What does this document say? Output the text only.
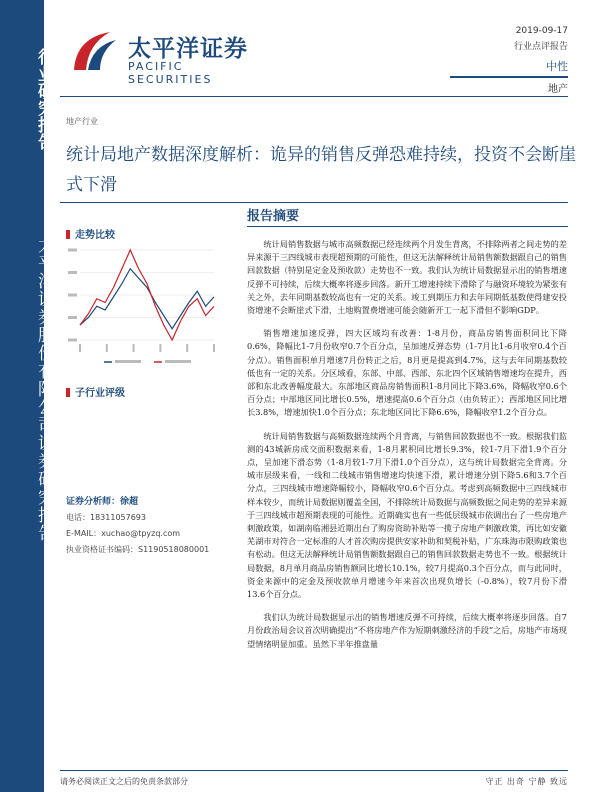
行业研究报告
太平洋证券股份有限公司证券研究报告
太平洋证券
PACIFIC SECURITIES
2019-09-17
行业点评报告
中性
地产
地产行业
统计局地产数据深度解析：诡异的销售反弹恐难持续，投资不会断崖式下滑
走势比较
子行业评级
证券分析师：徐超
电话：18311057693
E-MAIL：xuchao@tpyzq.com
执业资格证书编码：S1190518080001
报告摘要

统计局销售数据与城市高频数据已经连续两个月发生背离，不排除两者之间走势的差异来源于三四线城市表现超预期的可能性，但这无法解释统计局销售额数据跟自己的销售回款数据（特别是定金及预收款）走势也不一致。我们认为统计局数据显示出的销售增速反弹不可持续，后续大概率将逐步回落。新开工增速持续下滑除了与融资环境较为紧张有关之外，去年同期基数较高也有一定的关系。竣工到期压力和去年同期低基数使得建安投资增速不会断崖式下滑，土地购置费增速可能会随新开工一起下滑但不影响GDP。

销售增速加速反弹，四大区域均有改善：1-8月份，商品房销售面积同比下降0.6%，降幅比1-7月份收窄0.7个百分点，呈加速反弹态势（1-7月比1-6月收窄0.4个百分点）。销售面积单月增速7月份转正之后，8月更是提高到4.7%，这与去年同期基数较低也有一定的关系。分区域看，东部、中部、西部、东北四个区域销售增速均在提升，西部和东北改善幅度最大。东部地区商品房销售面积1-8月同比下降3.6%，降幅收窄0.6个百分点；中部地区同比增长0.5%，增速提高0.6个百分点（由负转正）；西部地区同比增长3.8%，增速加快1.0个百分点；东北地区同比下降6.6%，降幅收窄1.2个百分点。

统计局销售数据与高频数据连续两个月背离，与销售回款数据也不一致。根据我们监测的43城新房成交面积数据来看，1-8月累积同比增长9.3%，较1-7月下滑1.9个百分点，呈加速下滑态势（1-8月较1-7月下滑1.0个百分点），这与统计局数据完全背离。分城市层级来看，一线和二线城市销售增速均快速下滑，累计增速分别下降5.6和3.7个百分点，三四线城市增速降幅较小，降幅收窄0.6个百分点。考虑到高频数据中三四线城市样本较少，而统计局数据则覆盖全国，不排除统计局数据与高频数据之间走势的差异来源于三四线城市超预期表现的可能性。近期确实也有一些低层级城市依调出台了一些房地产刺激政策，如湖南临湘县近期出台了购房资助补贴等一揽子房地产刺激政策，再比如安徽芜湖市对符合一定标准的人才首次购房提供安家补助和契税补贴，广东珠海市限购政策也有松动。但这无法解释统计局销售额数据跟自己的销售回款数据走势也不一致。根据统计局数据，8月单月商品房销售额同比增长10.1%，较7月提高0.3个百分点，而与此同时，资金来源中的定金及预收款单月增速今年来首次出现负增长（-0.8%），较7月份下滑13.6个百分点。

我们认为统计局数据显示出的销售增速反弹不可持续，后续大概率将逐步回落。自7月份政治局会议首次明确提出“不将房地产作为短期刺激经济的手段”之后，房地产市场现望情绪明显加重。虽然下半年推盘量

请务必阅读正文之后的免责条款部分	守正 出奇 宁静 致远
